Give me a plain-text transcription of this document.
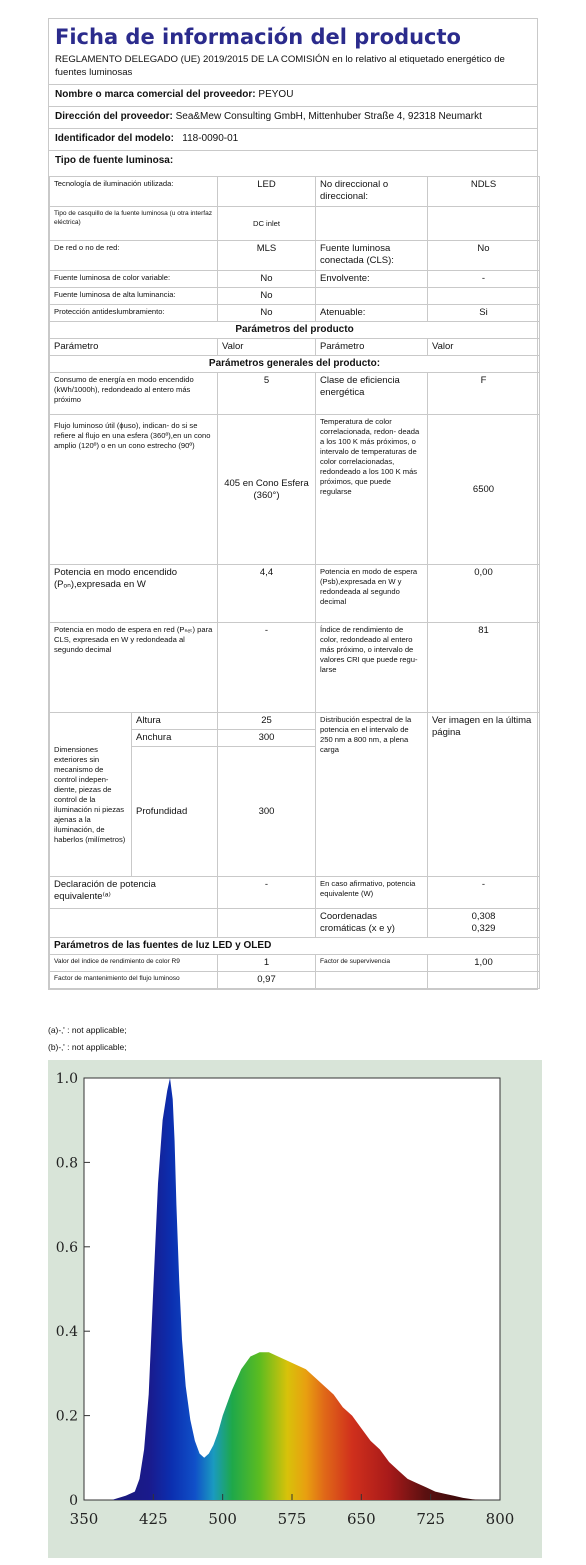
Ficha de información del producto
REGLAMENTO DELEGADO (UE) 2019/2015 DE LA COMISIÓN en lo relativo al etiquetado energético de fuentes luminosas
Nombre o marca comercial del proveedor: PEYOU
Dirección del proveedor: Sea&Mew Consulting GmbH, Mittenhuber Straße 4, 92318 Neumarkt
Identificador del modelo: 118-0090-01
Tipo de fuente luminosa:
Tecnología de iluminación utilizada:	LED	No direccional o direccional:	NDLS
Tipo de casquillo de la fuente luminosa (u otra interfaz eléctrica)	DC inlet		
De red o no de red:	MLS	Fuente luminosa conectada (CLS):	No
Fuente luminosa de color variable:	No	Envolvente:	-
Fuente luminosa de alta luminancia:	No		
Protección antideslumbramiento:	No	Atenuable:	Si
Parámetros del producto			
Parámetro	Valor	Parámetro	Valor
Parámetros generales del producto:			
Consumo de energía en modo encendido (kWh/1000h), redondeado al entero más próximo	5	Clase de eficiencia energética	F
Flujo luminoso útil (ɸuso), indican- do si se refiere al flujo en una esfera (360º),en un cono amplio (120º) o en un cono estrecho (90º)	405 en Cono Esfera (360°)	Temperatura de color correlacionada, redon- deada a los 100 K más próximos, o intervalo de temperaturas de color correlacionadas, redondeado a los 100 K más próximos, que puede regularse	6500
Potencia en modo encendido (Pₒₙ),expresada en W	4,4	Potencia en modo de espera (Psb),expresada en W y redondeada al segundo decimal	0,00
Potencia en modo de espera en red (Pₙₑₜ) para CLS, expresada en W y redondeada al segundo decimal	-	Índice de rendimiento de color, redondeado al entero más próximo, o intervalo de valores CRI que puede regu- larse	81
Dimensiones exteriores sin mecanismo de control indepen- diente, piezas de control de la iluminación ni piezas ajenas a la iluminación, de haberlos (milímetros)	Altura	25	Distribución espectral de la potencia en el intervalo de 250 nm a 800 nm, a plena carga	Ver imagen en la última página
	Anchura	300		
	Profundidad	300		
Declaración de potencia equivalente⁽ᵃ⁾	-	En caso afirmativo, potencia equivalente (W)	-
		Coordenadas cromáticas (x e y)	0,308
0,329
Parámetros de las fuentes de luz LED y OLED			
Valor del índice de rendimiento de color R9	1	Factor de supervivencia	1,00
Factor de mantenimiento del flujo luminoso	0,97		
(a)-‚' : not applicable;
(b)-‚' : not applicable;
0
0.2
0.4
0.6
0.8
1.0
350	425	500	575	650	725	800
